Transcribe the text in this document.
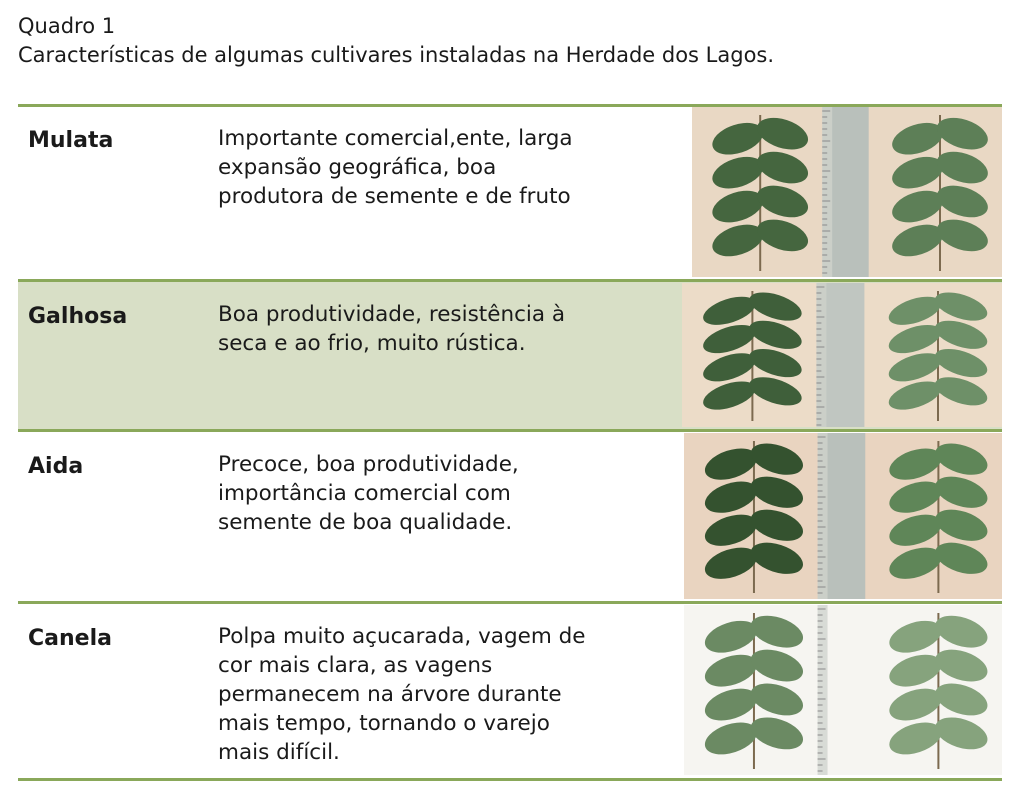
Quadro 1
Características de algumas cultivares instaladas na Herdade dos Lagos.
Mulata	Importante comercial,ente, larga
expansão geográfica, boa
produtora de semente e de fruto
Galhosa	Boa produtividade, resistência à
seca e ao frio, muito rústica.
Aida	Precoce, boa produtividade,
importância comercial com
semente de boa qualidade.
Canela	Polpa muito açucarada, vagem de
cor mais clara, as vagens
permanecem na árvore durante
mais tempo, tornando o varejo
mais difícil.
